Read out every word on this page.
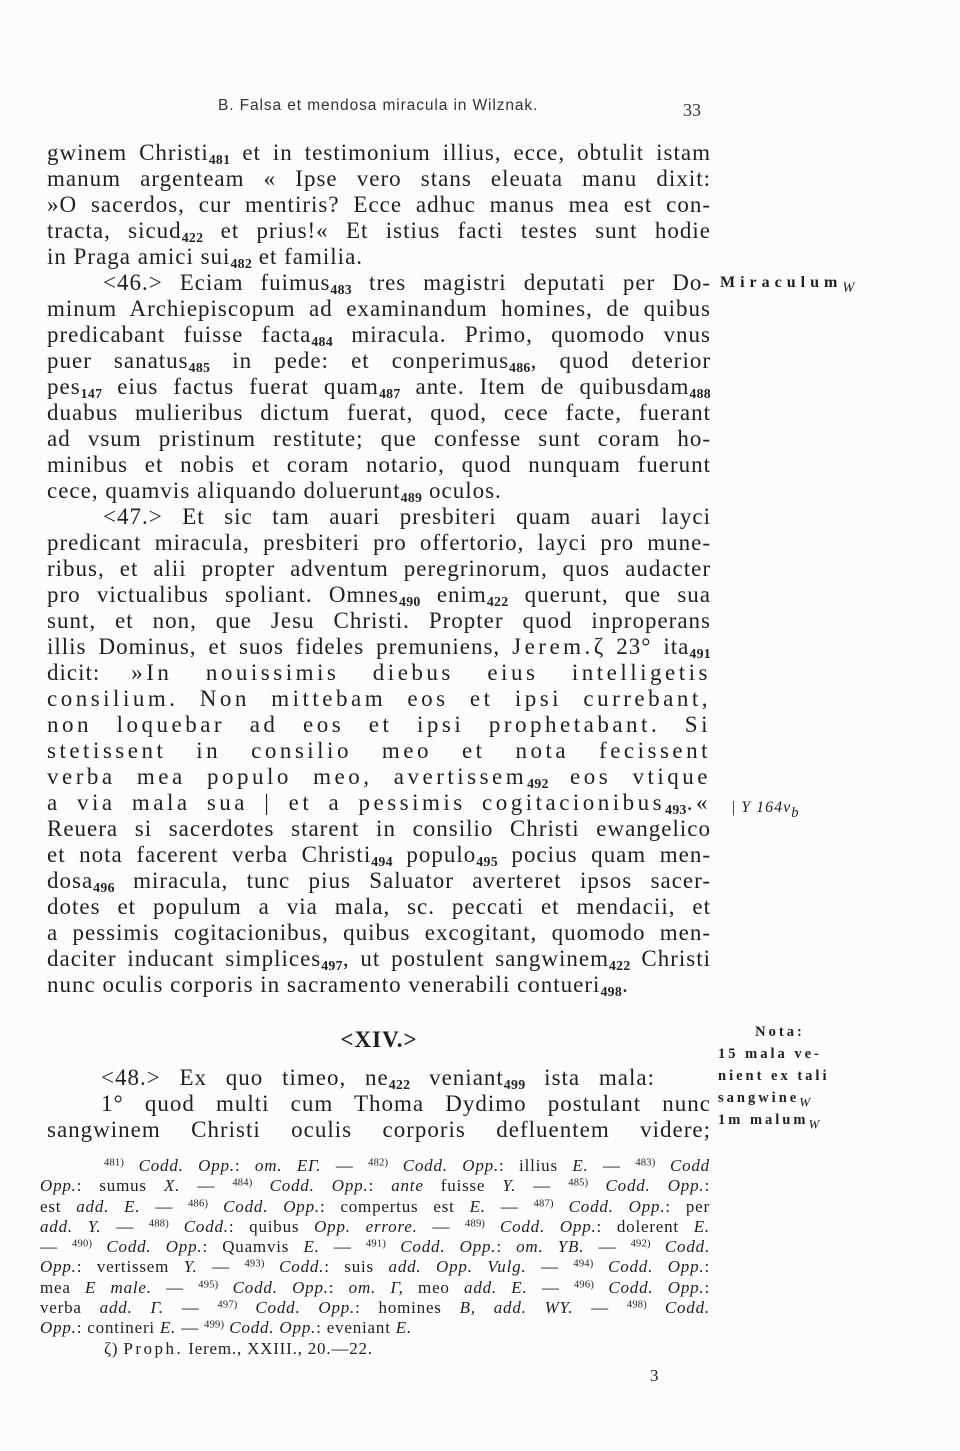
B. Falsa et mendosa miracula in Wilznak.	33
gwinem Christi481 et in testimonium illius, ecce, obtulit istam
manum argenteam « Ipse vero stans eleuata manu dixit:
»O sacerdos, cur mentiris? Ecce adhuc manus mea est con-
tracta, sicud422 et prius!« Et istius facti testes sunt hodie
in Praga amici sui482 et familia.
<46.> Eciam fuimus483 tres magistri deputati per Do-
minum Archiepiscopum ad examinandum homines, de quibus
predicabant fuisse facta484 miracula. Primo, quomodo vnus
puer sanatus485 in pede: et conperimus486, quod deterior
pes147 eius factus fuerat quam487 ante. Item de quibusdam488
duabus mulieribus dictum fuerat, quod, cece facte, fuerant
ad vsum pristinum restitute; que confesse sunt coram ho-
minibus et nobis et coram notario, quod nunquam fuerunt
cece, quamvis aliquando doluerunt489 oculos.
<47.> Et sic tam auari presbiteri quam auari layci
predicant miracula, presbiteri pro offertorio, layci pro mune-
ribus, et alii propter adventum peregrinorum, quos audacter
pro victualibus spoliant. Omnes490 enim422 querunt, que sua
sunt, et non, que Jesu Christi. Propter quod inproperans
illis Dominus, et suos fideles premuniens, Jerem.ζ 23° ita491
dicit: »In nouissimis diebus eius intelligetis
consilium. Non mittebam eos et ipsi currebant,
non loquebar ad eos et ipsi prophetabant. Si
stetissent in consilio meo et nota fecissent
verba mea populo meo, avertissem492 eos vtique
a via mala sua | et a pessimis cogitacionibus493.«
Reuera si sacerdotes starent in consilio Christi ewangelico
et nota facerent verba Christi494 populo495 pocius quam men-
dosa496 miracula, tunc pius Saluator averteret ipsos sacer-
dotes et populum a via mala, sc. peccati et mendacii, et
a pessimis cogitacionibus, quibus excogitant, quomodo men-
daciter inducant simplices497, ut postulent sangwinem422 Christi
nunc oculis corporis in sacramento venerabili contueri498.
MiraculumW
| Y 164vb
<XIV.>
<48.> Ex quo timeo, ne422 veniant499 ista mala:
1° quod multi cum Thoma Dydimo postulant nunc
sangwinem Christi oculis corporis defluentem videre;
Nota:
15 mala ve-
nient ex tali
sangwineW
1m malumW
$^{481)}$ Codd. Opp.: om. EΓ. — $^{482)}$ Codd. Opp.: illius E. — $^{483)}$ Codd
Opp.: sumus X. — $^{484)}$ Codd. Opp.: ante fuisse Y. — $^{485)}$ Codd. Opp.:
est add. E. — $^{486)}$ Codd. Opp.: compertus est E. — $^{487)}$ Codd. Opp.: per
add. Y. — $^{488)}$ Codd.: quibus Opp. errore. — $^{489)}$ Codd. Opp.: dolerent E.
— $^{490)}$ Codd. Opp.: Quamvis E. — $^{491)}$ Codd. Opp.: om. YB. — $^{492)}$ Codd.
Opp.: vertissem Y. — $^{493)}$ Codd.: suis add. Opp. Vulg. — $^{494)}$ Codd. Opp.:
mea E male. — $^{495)}$ Codd. Opp.: om. Γ, meo add. E. — $^{496)}$ Codd. Opp.:
verba add. Γ. — $^{497)}$ Codd. Opp.: homines B, add. WY. — $^{498)}$ Codd.
Opp.: contineri E. — $^{499)}$ Codd. Opp.: eveniant E.
ζ) Proph. Ierem., XXIII., 20.—22.
3
